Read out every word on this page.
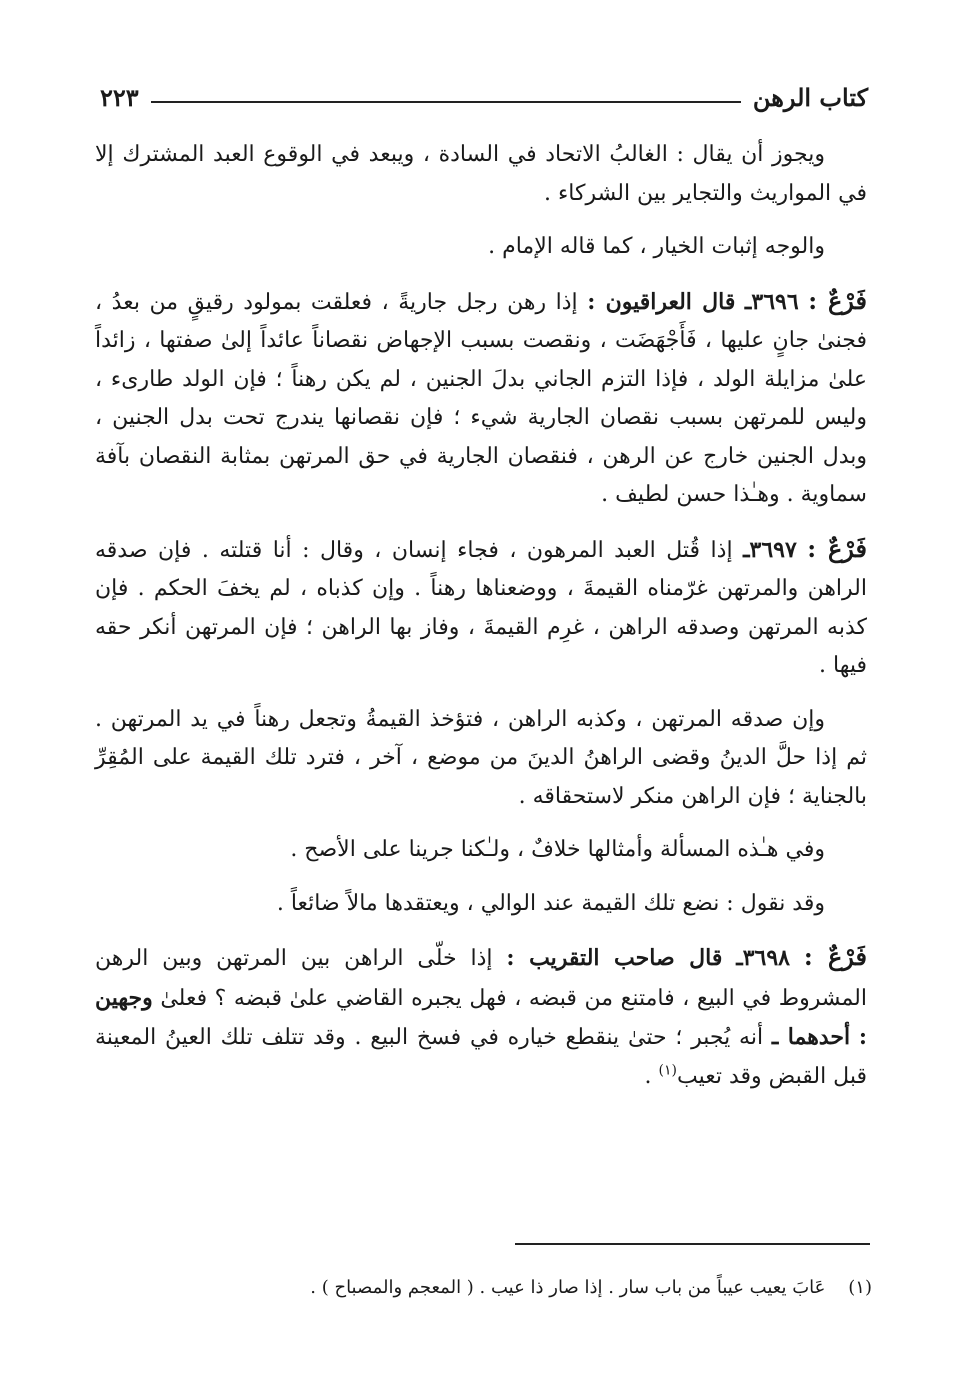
كتاب الرهن
٢٢٣

ويجوز أن يقال : الغالبُ الاتحاد في السادة ، ويبعد في الوقوع العبد المشترك إلا في المواريث والتجاير بين الشركاء .

والوجه إثبات الخيار ، كما قاله الإمام .

فَرْعٌ : ٣٦٩٦ـ قال العراقيون : إذا رهن رجل جاريةً ، فعلقت بمولود رقيقٍ من بعدُ ، فجنىٰ جانٍ عليها ، فَأَجْهَضَت ، ونقصت بسبب الإجهاض نقصاناً عائداً إلىٰ صفتها ، زائداً علىٰ مزايلة الولد ، فإذا التزم الجاني بدلَ الجنين ، لم يكن رهناً ؛ فإن الولد طارىء ، وليس للمرتهن بسبب نقصان الجارية شيء ؛ فإن نقصانها يندرج تحت بدل الجنين ، وبدل الجنين خارج عن الرهن ، فنقصان الجارية في حق المرتهن بمثابة النقصان بآفة سماوية . وهـٰذا حسن لطيف .

فَرْعٌ : ٣٦٩٧ـ إذا قُتل العبد المرهون ، فجاء إنسان ، وقال : أنا قتلته . فإن صدقه الراهن والمرتهن غرّمناه القيمةَ ، ووضعناها رهناً . وإن كذباه ، لم يخفَ الحكم . فإن كذبه المرتهن وصدقه الراهن ، غرِم القيمةَ ، وفاز بها الراهن ؛ فإن المرتهن أنكر حقه فيها .

وإن صدقه المرتهن ، وكذبه الراهن ، فتؤخذ القيمةُ وتجعل رهناً في يد المرتهن . ثم إذا حلَّ الدينُ وقضى الراهنُ الدينَ من موضع ، آخر ، فترد تلك القيمة على المُقِرِّ بالجناية ؛ فإن الراهن منكر لاستحقاقه .

وفي هـٰذه المسألة وأمثالها خلافٌ ، ولـٰكنا جرينا على الأصح .

وقد نقول : نضع تلك القيمة عند الوالي ، ويعتقدها مالاً ضائعاً .

فَرْعٌ : ٣٦٩٨ـ قال صاحب التقريب : إذا خلّى الراهن بين المرتهن وبين الرهن المشروط في البيع ، فامتنع من قبضه ، فهل يجبره القاضي علىٰ قبضه ؟ فعلىٰ وجهين : أحدهما ـ أنه يُجبر ؛ حتىٰ ينقطع خياره في فسخ البيع . وقد تتلف تلك العينُ المعينة قبل القبض وقد تعيب$^{(١)}$ .

(١)    عَابَ يعيب عيباً من باب سار . إذا صار ذا عيب . ( المعجم والمصباح ) .
